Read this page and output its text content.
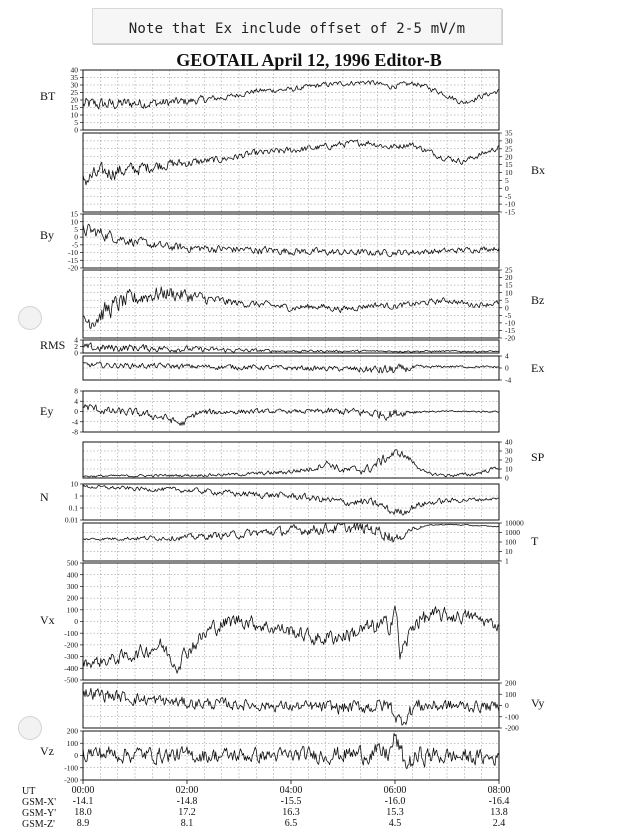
Note that Ex include offset of 2-5 mV/m
GEOTAIL April 12, 1996 Editor-B
0
5
10
15
20
25
30
35
40
BT
-15
-10
-5
0
5
10
15
20
25
30
35
Bx
-20
-15
-10
-5
0
5
10
15
By
-20
-15
-10
-5
0
5
10
15
20
25
Bz
0
2
4
RMS
-4
0
4
Ex
-8
-4
0
4
8
Ey
0
10
20
30
40
SP
0.01
0.1
1
10
N
1
10
100
1000
10000
T
-500
-400
-300
-200
-100
0
100
200
300
400
500
Vx
-200
-100
0
100
200
Vy
-200
-100
0
100
200
Vz
UT
GSM-X'
GSM-Y'
GSM-Z'
00:00
-14.1
18.0
8.9
02:00
-14.8
17.2
8.1
04:00
-15.5
16.3
6.5
06:00
-16.0
15.3
4.5
08:00
-16.4
13.8
2.4
